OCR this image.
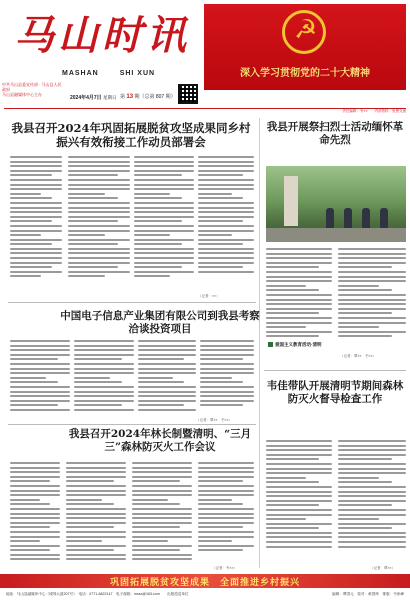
马山时讯
MASHAN	SHI XUN
中共马山县委宣传部 · 马山县人民政府
马山县融媒体中心主办
2024年4月7日 星期日 第 13 期（总第 807 期）
☭
深入学习贯彻党的二十大精神
责任编辑：韦××　　内部资料　免费交流
我县召开2024年巩固拓展脱贫攻坚成果同乡村振兴有效衔接工作动员部署会
（记者：××）
中国电子信息产业集团有限公司到我县考察洽谈投资项目
（记者：覃××　韦××）
我县召开2024年林长制暨清明、“三月三”森林防灭火工作会议
（记者：韦××）
我县开展祭扫烈士活动缅怀革命先烈
（记者：覃××　韦××）
爱国主义教育活动·清明
韦佳带队开展清明节期间森林防灭火督导检查工作
（记者：覃××）
巩固拓展脱贫攻坚成果　全面推进乡村振兴
地址：马山县融媒体中心（城郊大道207号）　电话：0771-6822147　电子邮箱：mssx@163.com　　出版投送单位	编辑：覃国元　校对：黄国炜　排版：韦家峰
